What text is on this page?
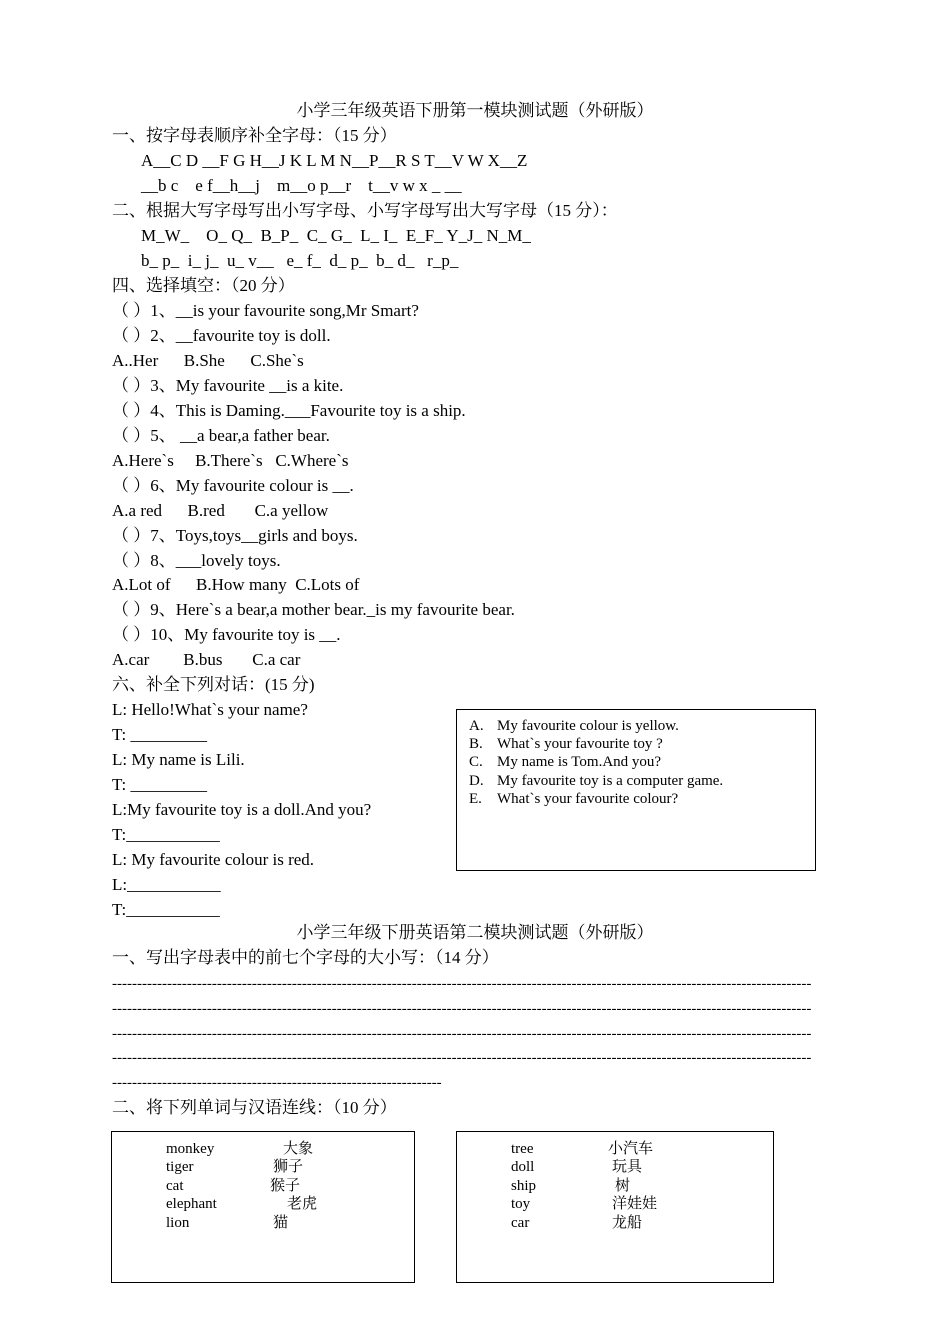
小学三年级英语下册第一模块测试题（外研版）
一、按字母表顺序补全字母：（15 分）
A__C D __F G H__J K L M N__P__R S T__V W X__Z
__b c    e f__h__j    m__o p__r    t__v w x _ __
二、根据大写字母写出小写字母、小写字母写出大写字母（15 分）：
M_W_    O_ Q_  B_P_  C_ G_  L_ I_  E_F_ Y_J_ N_M_
b_ p_  i_ j_  u_ v__   e_ f_  d_ p_  b_ d_   r_p_
四、选择填空：（20 分）
（ ）1、__is your favourite song,Mr Smart?
（ ）2、__favourite toy is doll.
A..Her      B.She      C.She`s
（ ）3、My favourite __is a kite.
（ ）4、This is Daming.___Favourite toy is a ship.
（ ）5、 __a bear,a father bear.
A.Here`s     B.There`s   C.Where`s
（ ）6、My favourite colour is __.
A.a red      B.red       C.a yellow
（ ）7、Toys,toys__girls and boys.
（ ）8、___lovely toys.
A.Lot of      B.How many  C.Lots of
（ ）9、Here`s a bear,a mother bear._is my favourite bear.
（ ）10、My favourite toy is __.
A.car        B.bus       C.a car
六、补全下列对话：(15 分)
L: Hello!What`s your name?
T: _________
L: My name is Lili.
T: _________
L:My favourite toy is a doll.And you?
T:___________
L: My favourite colour is red.
L:___________
T:___________
A. My favourite colour is yellow.
B. What`s your favourite toy ?
C. My name is Tom.And you?
D. My favourite toy is a computer game.
E. What`s your favourite colour?
小学三年级下册英语第二模块测试题（外研版）
一、写出字母表中的前七个字母的大小写：（14 分）
--------------------------------------------------------------------------------------------------------------------------------------------
--------------------------------------------------------------------------------------------------------------------------------------------
--------------------------------------------------------------------------------------------------------------------------------------------
--------------------------------------------------------------------------------------------------------------------------------------------
------------------------------------------------------------------
二、将下列单词与汉语连线：（10 分）
monkey	大象
tiger	狮子
cat	猴子
elephant	老虎
lion	猫
tree	小汽车
doll	玩具
ship	树
toy	洋娃娃
car	龙船
